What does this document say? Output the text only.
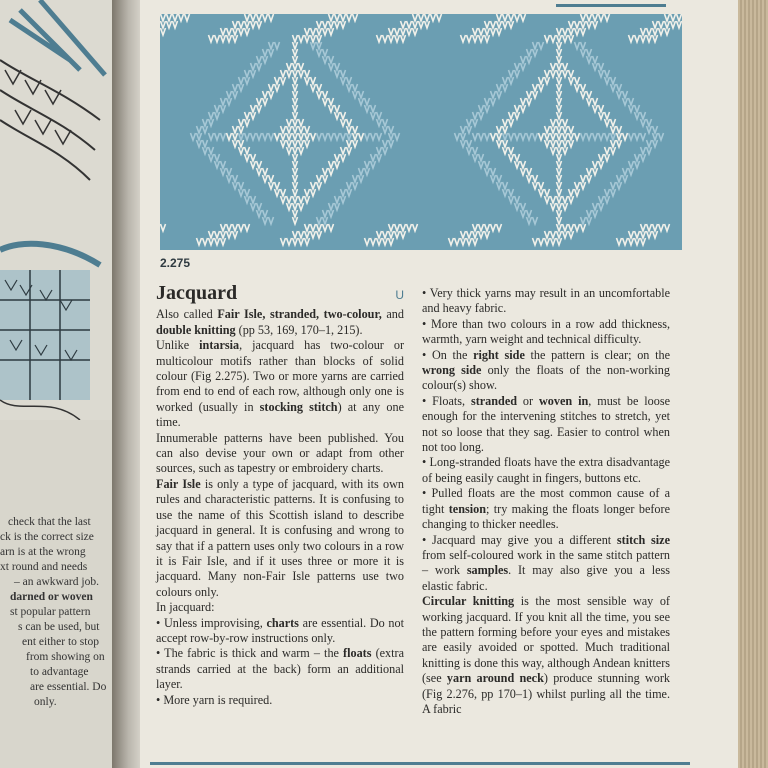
check that the last
ck is the correct size
arn is at the wrong
xt round and needs
– an awkward job.
darned or woven
st popular pattern
s can be used, but
ent either to stop
from showing on
to advantage
are essential. Do
only.
2.275
Jacquard	U

Also called Fair Isle, stranded, two-colour, and double knitting (pp 53, 169, 170–1, 215).

Unlike intarsia, jacquard has two-colour or multicolour motifs rather than blocks of solid colour (Fig 2.275). Two or more yarns are carried from end to end of each row, although only one is worked (usually in stocking stitch) at any one time.

Innumerable patterns have been published. You can also devise your own or adapt from other sources, such as tapestry or embroidery charts.

Fair Isle is only a type of jacquard, with its own rules and characteristic patterns. It is confusing to use the name of this Scottish island to describe jacquard in general. It is confusing and wrong to say that if a pattern uses only two colours in a row it is Fair Isle, and if it uses three or more it is jacquard. Many non-Fair Isle patterns use two colours only.

In jacquard:

• Unless improvising, charts are essential. Do not accept row-by-row instructions only.

• The fabric is thick and warm – the floats (extra strands carried at the back) form an additional layer.

• More yarn is required.

• Very thick yarns may result in an uncomfortable and heavy fabric.

• More than two colours in a row add thickness, warmth, yarn weight and technical difficulty.

• On the right side the pattern is clear; on the wrong side only the floats of the non-working colour(s) show.

• Floats, stranded or woven in, must be loose enough for the intervening stitches to stretch, yet not so loose that they sag. Easier to control when not too long.

• Long-stranded floats have the extra disadvantage of being easily caught in fingers, buttons etc.

• Pulled floats are the most common cause of a tight tension; try making the floats longer before changing to thicker needles.

• Jacquard may give you a different stitch size from self-coloured work in the same stitch pattern – work samples. It may also give you a less elastic fabric.

Circular knitting is the most sensible way of working jacquard. If you knit all the time, you see the pattern forming before your eyes and mistakes are easily avoided or spotted. Much traditional knitting is done this way, although Andean knitters (see yarn around neck) produce stunning work (Fig 2.276, pp 170–1) whilst purling all the time. A fabric
